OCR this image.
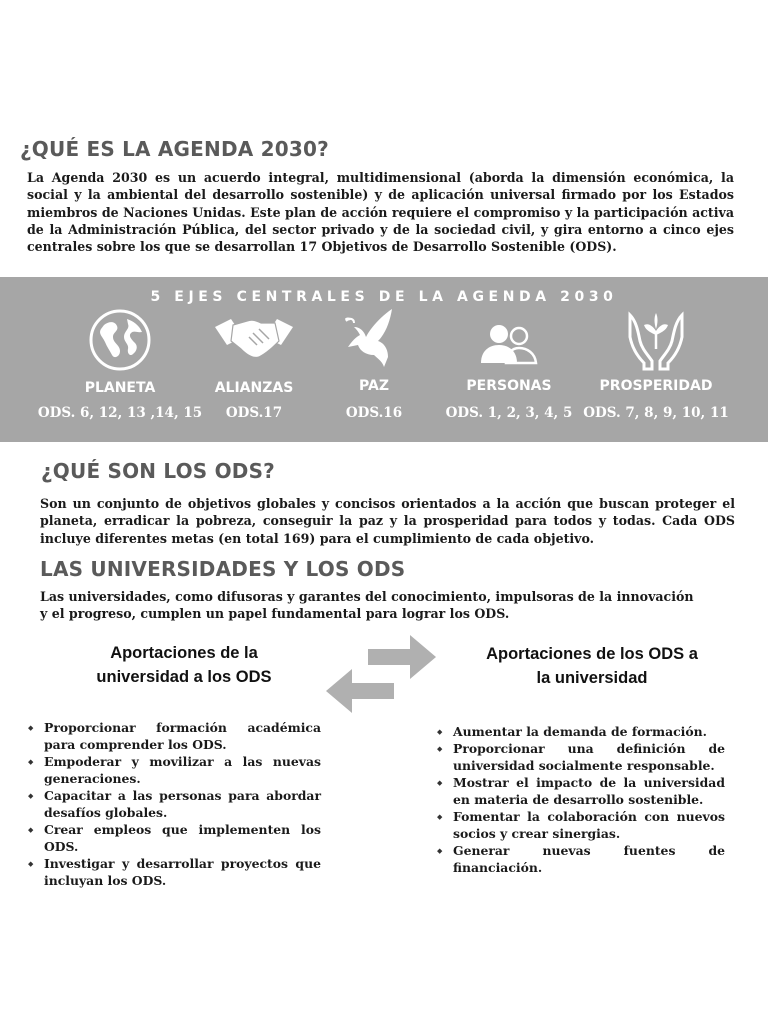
¿QUÉ ES LA AGENDA 2030?

La Agenda 2030 es un acuerdo integral, multidimensional (aborda la dimensión económica, la social y la ambiental del desarrollo sostenible) y de aplicación universal firmado por los Estados miembros de Naciones Unidas. Este plan de acción requiere el compromiso y la participación activa de la Administración Pública, del sector privado y de la sociedad civil, y gira entorno a cinco ejes centrales sobre los que se desarrollan 17 Objetivos de Desarrollo Sostenible (ODS).

5 EJES CENTRALES DE LA AGENDA 2030
PLANETA
ODS. 6, 12, 13 ,14, 15
ALIANZAS
ODS.17
PAZ
ODS.16
PERSONAS
ODS. 1, 2, 3, 4, 5
PROSPERIDAD
ODS. 7, 8, 9, 10, 11
¿QUÉ SON LOS ODS?

Son un conjunto de objetivos globales y concisos orientados a la acción que buscan proteger el planeta, erradicar la pobreza, conseguir la paz y la prosperidad para todos y todas. Cada ODS incluye diferentes metas (en total 169) para el cumplimiento de cada objetivo.

LAS UNIVERSIDADES Y LOS ODS

Las universidades, como difusoras y garantes del conocimiento, impulsoras de la innovación y el progreso, cumplen un papel fundamental para lograr los ODS.

Aportaciones de la
universidad a los ODS
Aportaciones de los ODS a
la universidad
◆ Proporcionar formación académica para comprender los ODS.
◆ Empoderar y movilizar a las nuevas generaciones.
◆ Capacitar a las personas para abordar desafíos globales.
◆ Crear empleos que implementen los ODS.
◆ Investigar y desarrollar proyectos que incluyan los ODS.
◆ Aumentar la demanda de formación.
◆ Proporcionar una definición de universidad socialmente responsable.
◆ Mostrar el impacto de la universidad en materia de desarrollo sostenible.
◆ Fomentar la colaboración con nuevos socios y crear sinergias.
◆ Generar nuevas fuentes de financiación.
